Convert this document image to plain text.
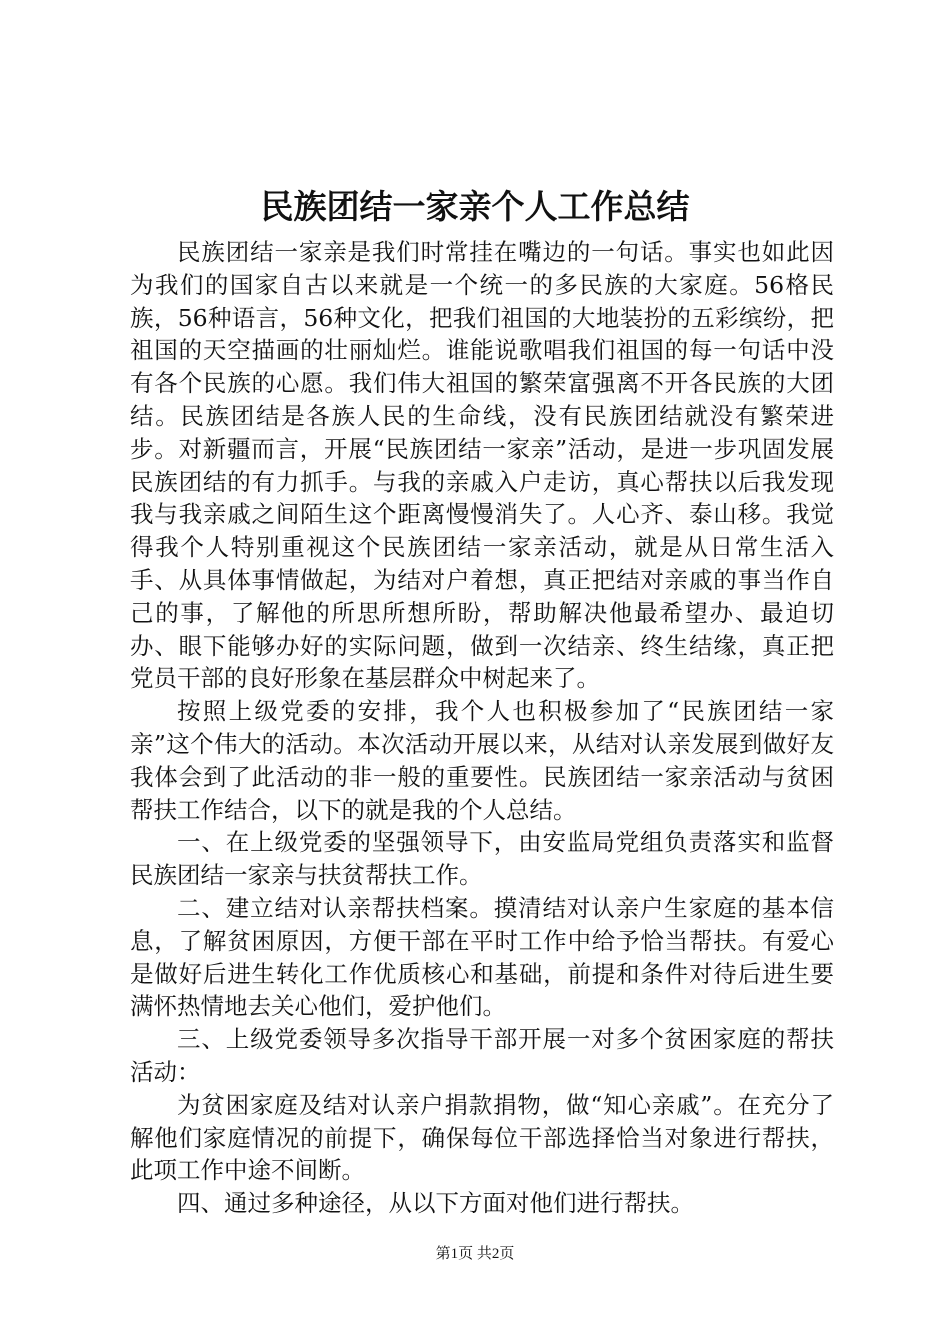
民族团结一家亲个人工作总结

民族团结一家亲是我们时常挂在嘴边的一句话。事实也如此因为我们的国家自古以来就是一个统一的多民族的大家庭。56格民族，56种语言，56种文化，把我们祖国的大地装扮的五彩缤纷，把祖国的天空描画的壮丽灿烂。谁能说歌唱我们祖国的每一句话中没有各个民族的心愿。我们伟大祖国的繁荣富强离不开各民族的大团结。民族团结是各族人民的生命线，没有民族团结就没有繁荣进步。对新疆而言，开展“民族团结一家亲”活动，是进一步巩固发展民族团结的有力抓手。与我的亲戚入户走访，真心帮扶以后我发现我与我亲戚之间陌生这个距离慢慢消失了。人心齐、泰山移。我觉得我个人特别重视这个民族团结一家亲活动，就是从日常生活入手、从具体事情做起，为结对户着想，真正把结对亲戚的事当作自己的事，了解他的所思所想所盼，帮助解决他最希望办、最迫切办、眼下能够办好的实际问题，做到一次结亲、终生结缘，真正把党员干部的良好形象在基层群众中树起来了。

按照上级党委的安排，我个人也积极参加了“民族团结一家亲”这个伟大的活动。本次活动开展以来，从结对认亲发展到做好友我体会到了此活动的非一般的重要性。民族团结一家亲活动与贫困帮扶工作结合，以下的就是我的个人总结。

一、在上级党委的坚强领导下，由安监局党组负责落实和监督民族团结一家亲与扶贫帮扶工作。

二、建立结对认亲帮扶档案。摸清结对认亲户生家庭的基本信息，了解贫困原因，方便干部在平时工作中给予恰当帮扶。有爱心是做好后进生转化工作优质核心和基础，前提和条件对待后进生要满怀热情地去关心他们，爱护他们。

三、上级党委领导多次指导干部开展一对多个贫困家庭的帮扶活动：

为贫困家庭及结对认亲户捐款捐物，做“知心亲戚”。在充分了解他们家庭情况的前提下，确保每位干部选择恰当对象进行帮扶，此项工作中途不间断。

四、通过多种途径，从以下方面对他们进行帮扶。

第1页 共2页
